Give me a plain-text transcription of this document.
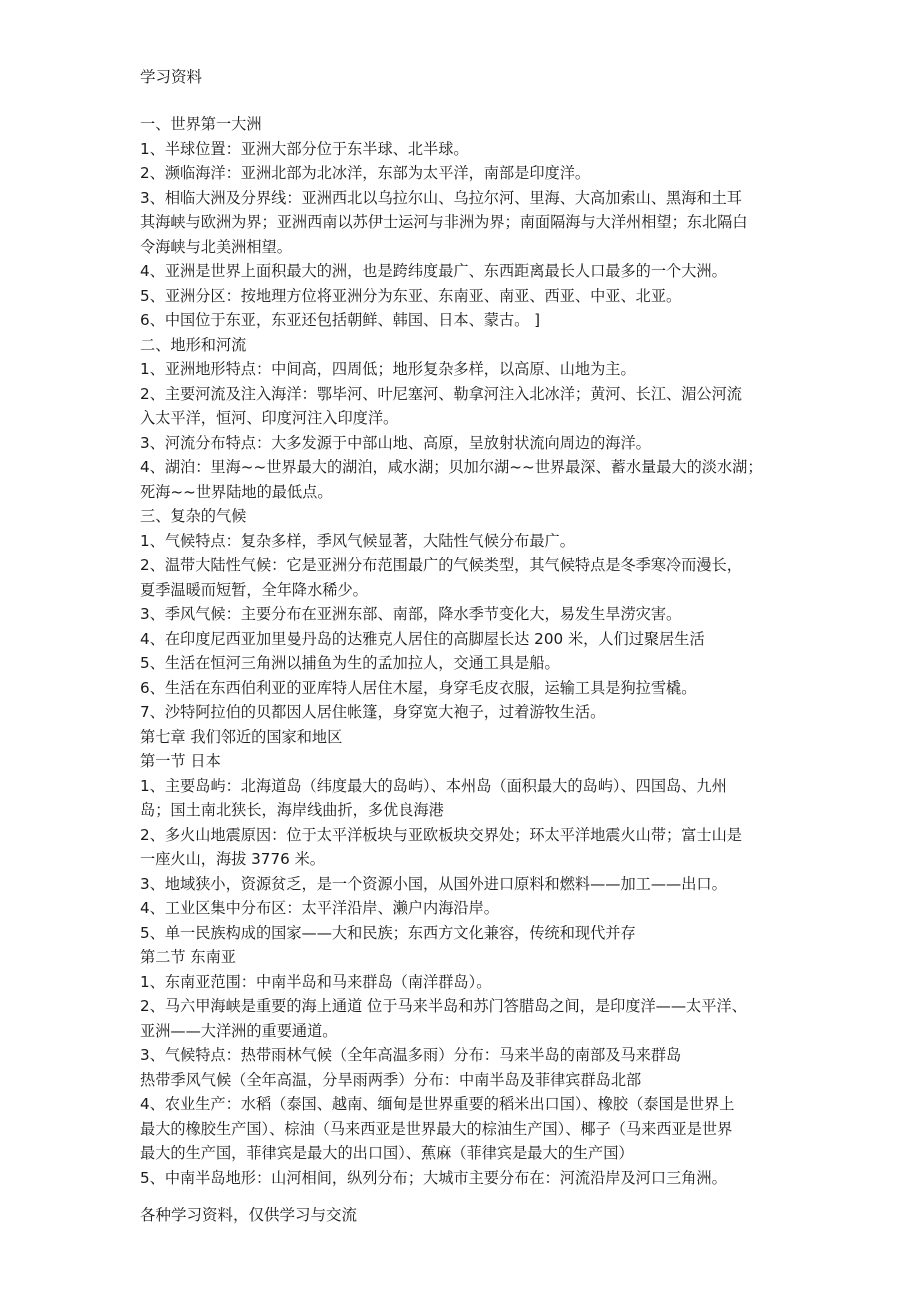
学习资料
一、世界第一大洲
1、半球位置：亚洲大部分位于东半球、北半球。
2、濒临海洋：亚洲北部为北冰洋，东部为太平洋，南部是印度洋。
3、相临大洲及分界线：亚洲西北以乌拉尔山、乌拉尔河、里海、大高加索山、黑海和土耳
其海峡与欧洲为界；亚洲西南以苏伊士运河与非洲为界；南面隔海与大洋州相望；东北隔白
令海峡与北美洲相望。
4、亚洲是世界上面积最大的洲，也是跨纬度最广、东西距离最长人口最多的一个大洲。
5、亚洲分区：按地理方位将亚洲分为东亚、东南亚、南亚、西亚、中亚、北亚。
6、中国位于东亚，东亚还包括朝鲜、韩国、日本、蒙古。 ]
二、地形和河流
1、亚洲地形特点：中间高，四周低；地形复杂多样，以高原、山地为主。
2、主要河流及注入海洋：鄂毕河、叶尼塞河、勒拿河注入北冰洋；黄河、长江、湄公河流
入太平洋，恒河、印度河注入印度洋。
3、河流分布特点：大多发源于中部山地、高原，呈放射状流向周边的海洋。
4、湖泊：里海~~世界最大的湖泊，咸水湖；贝加尔湖~~世界最深、蓄水量最大的淡水湖；
死海~~世界陆地的最低点。
三、复杂的气候
1、气候特点：复杂多样，季风气候显著，大陆性气候分布最广。
2、温带大陆性气候：它是亚洲分布范围最广的气候类型，其气候特点是冬季寒冷而漫长，
夏季温暖而短暂，全年降水稀少。
3、季风气候：主要分布在亚洲东部、南部，降水季节变化大，易发生旱涝灾害。
4、在印度尼西亚加里曼丹岛的达雅克人居住的高脚屋长达 200 米，人们过聚居生活
5、生活在恒河三角洲以捕鱼为生的孟加拉人，交通工具是船。
6、生活在东西伯利亚的亚库特人居住木屋，身穿毛皮衣服，运输工具是狗拉雪橇。
7、沙特阿拉伯的贝都因人居住帐篷，身穿宽大袍子，过着游牧生活。
第七章 我们邻近的国家和地区
第一节 日本
1、主要岛屿：北海道岛（纬度最大的岛屿）、本州岛（面积最大的岛屿）、四国岛、九州
岛；国土南北狭长，海岸线曲折，多优良海港
2、多火山地震原因：位于太平洋板块与亚欧板块交界处；环太平洋地震火山带；富士山是
一座火山，海拔 3776 米。
3、地域狭小，资源贫乏，是一个资源小国，从国外进口原料和燃料——加工——出口。
4、工业区集中分布区：太平洋沿岸、濑户内海沿岸。
5、单一民族构成的国家——大和民族；东西方文化兼容，传统和现代并存
第二节 东南亚
1、东南亚范围：中南半岛和马来群岛（南洋群岛）。
2、马六甲海峡是重要的海上通道 位于马来半岛和苏门答腊岛之间，是印度洋——太平洋、
亚洲——大洋洲的重要通道。
3、气候特点：热带雨林气候（全年高温多雨）分布：马来半岛的南部及马来群岛
热带季风气候（全年高温，分旱雨两季）分布：中南半岛及菲律宾群岛北部
4、农业生产：水稻（泰国、越南、缅甸是世界重要的稻米出口国）、橡胶（泰国是世界上
最大的橡胶生产国）、棕油（马来西亚是世界最大的棕油生产国）、椰子（马来西亚是世界
最大的生产国，菲律宾是最大的出口国）、蕉麻（菲律宾是最大的生产国）
5、中南半岛地形：山河相间，纵列分布；大城市主要分布在：河流沿岸及河口三角洲。
各种学习资料，仅供学习与交流
